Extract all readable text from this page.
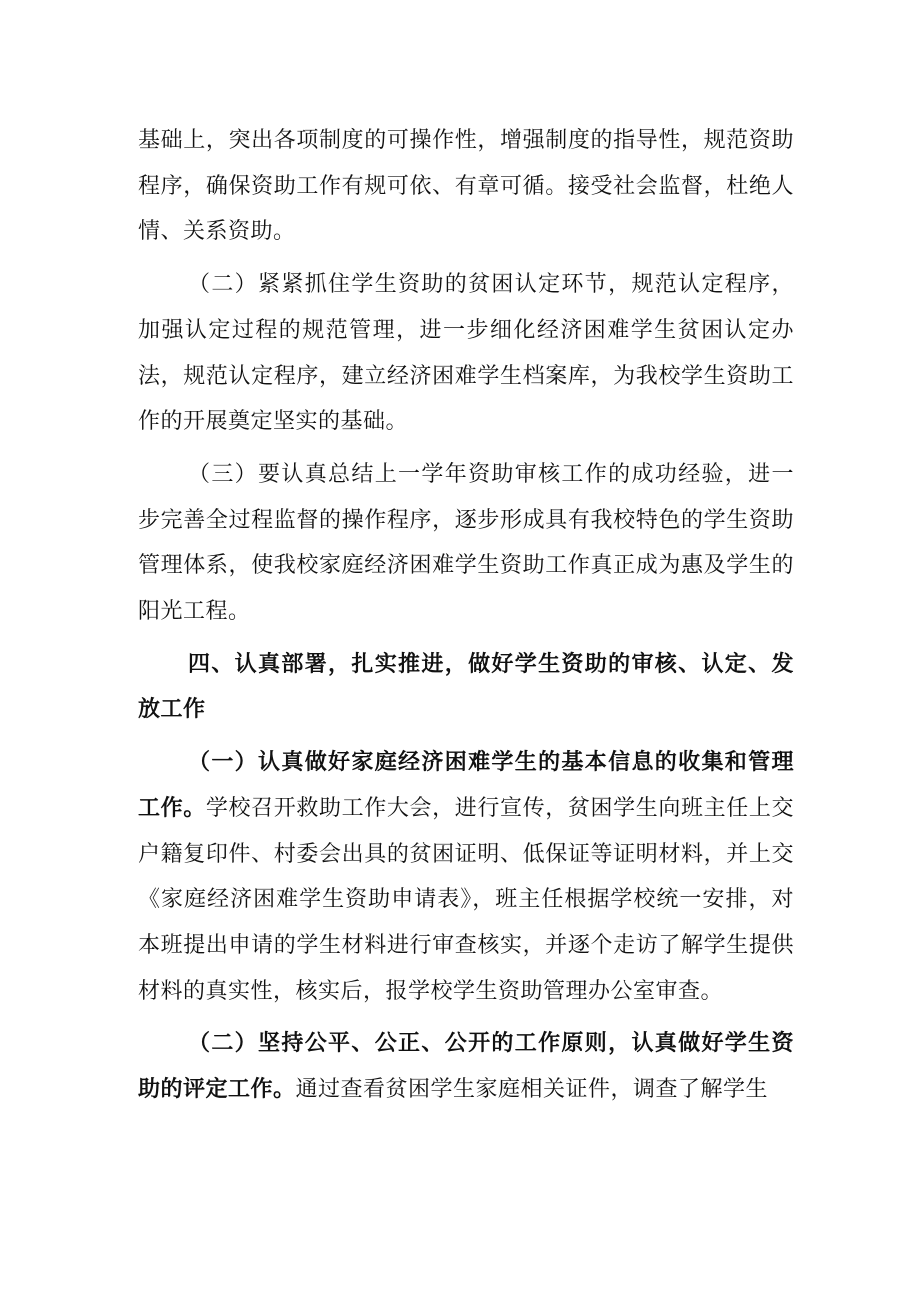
基础上，突出各项制度的可操作性，增强制度的指导性，规范资助程序，确保资助工作有规可依、有章可循。接受社会监督，杜绝人情、关系资助。

（二）紧紧抓住学生资助的贫困认定环节，规范认定程序，加强认定过程的规范管理，进一步细化经济困难学生贫困认定办法，规范认定程序，建立经济困难学生档案库，为我校学生资助工作的开展奠定坚实的基础。

（三）要认真总结上一学年资助审核工作的成功经验，进一步完善全过程监督的操作程序，逐步形成具有我校特色的学生资助管理体系，使我校家庭经济困难学生资助工作真正成为惠及学生的阳光工程。

四、认真部署，扎实推进，做好学生资助的审核、认定、发放工作

（一）认真做好家庭经济困难学生的基本信息的收集和管理工作。学校召开救助工作大会，进行宣传，贫困学生向班主任上交户籍复印件、村委会出具的贫困证明、低保证等证明材料，并上交《家庭经济困难学生资助申请表》，班主任根据学校统一安排，对本班提出申请的学生材料进行审查核实，并逐个走访了解学生提供材料的真实性，核实后，报学校学生资助管理办公室审查。

（二）坚持公平、公正、公开的工作原则，认真做好学生资助的评定工作。通过查看贫困学生家庭相关证件，调查了解学生
